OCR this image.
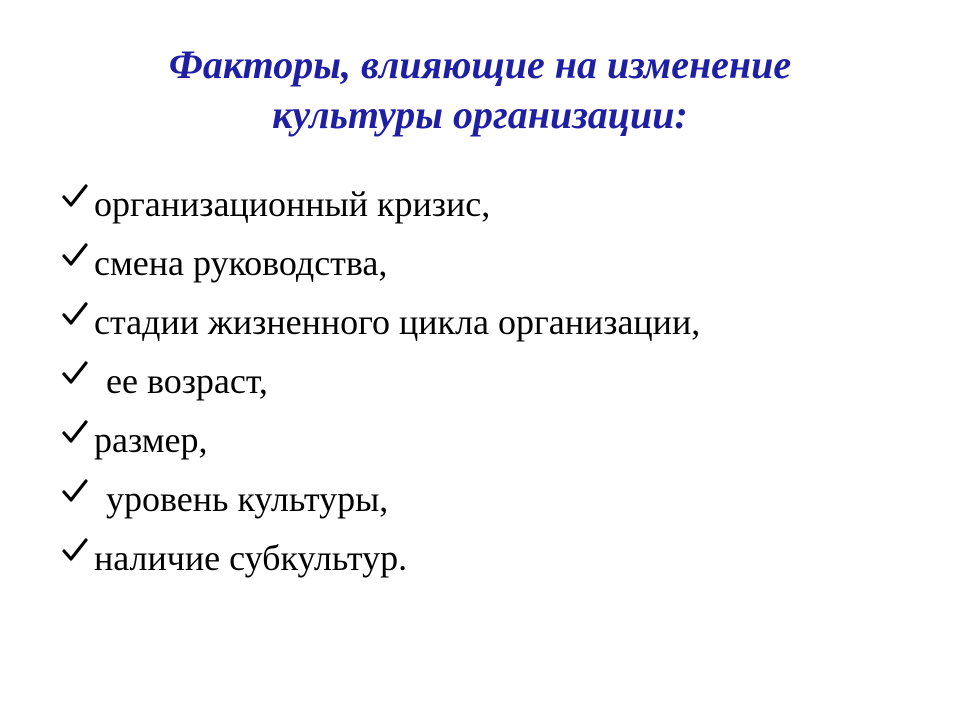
Факторы, влияющие на изменение
культуры организации:
организационный кризис,
смена руководства,
стадии жизненного цикла организации,
ее возраст,
размер,
уровень культуры,
наличие субкультур.
